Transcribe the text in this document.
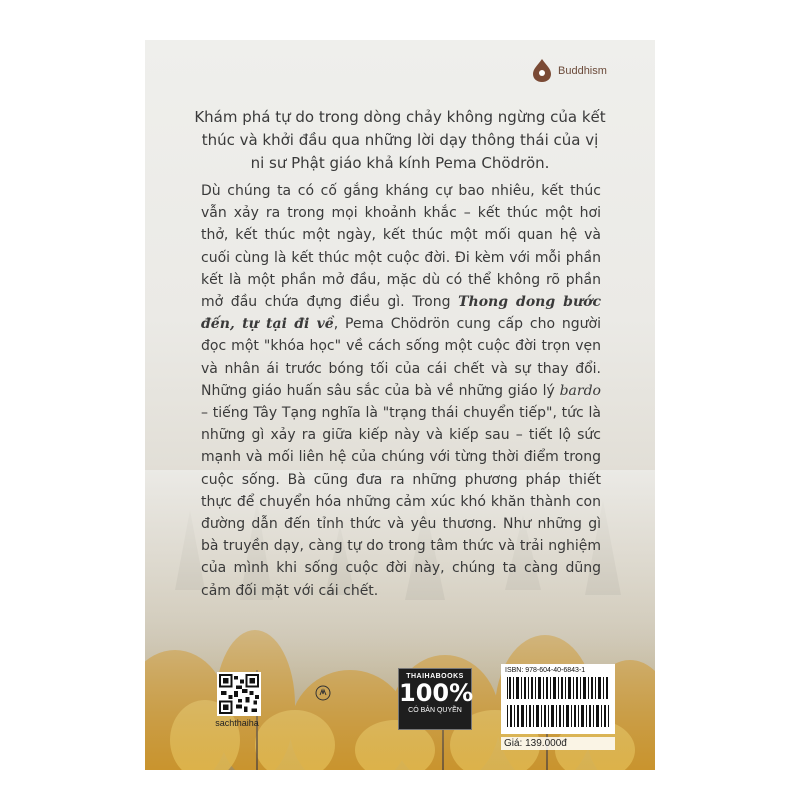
Buddhism
Khám phá tự do trong dòng chảy không ngừng của kết thúc và khởi đầu qua những lời dạy thông thái của vị ni sư Phật giáo khả kính Pema Chödrön.
Dù chúng ta có cố gắng kháng cự bao nhiêu, kết thúc vẫn xảy ra trong mọi khoảnh khắc – kết thúc một hơi thở, kết thúc một ngày, kết thúc một mối quan hệ và cuối cùng là kết thúc một cuộc đời. Đi kèm với mỗi phần kết là một phần mở đầu, mặc dù có thể không rõ phần mở đầu chứa đựng điều gì. Trong Thong dong bước đến, tự tại đi về, Pema Chödrön cung cấp cho người đọc một "khóa học" về cách sống một cuộc đời trọn vẹn và nhân ái trước bóng tối của cái chết và sự thay đổi. Những giáo huấn sâu sắc của bà về những giáo lý bardo – tiếng Tây Tạng nghĩa là "trạng thái chuyển tiếp", tức là những gì xảy ra giữa kiếp này và kiếp sau – tiết lộ sức mạnh và mối liên hệ của chúng với từng thời điểm trong cuộc sống. Bà cũng đưa ra những phương pháp thiết thực để chuyển hóa những cảm xúc khó khăn thành con đường dẫn đến tỉnh thức và yêu thương. Như những gì bà truyền dạy, càng tự do trong tâm thức và trải nghiệm của mình khi sống cuộc đời này, chúng ta càng dũng cảm đối mặt với cái chết.
sachthaiha
THAIHABOOKS
100%
CÓ BẢN QUYỀN
ISBN: 978-604-40-6843-1
Giá: 139.000đ
